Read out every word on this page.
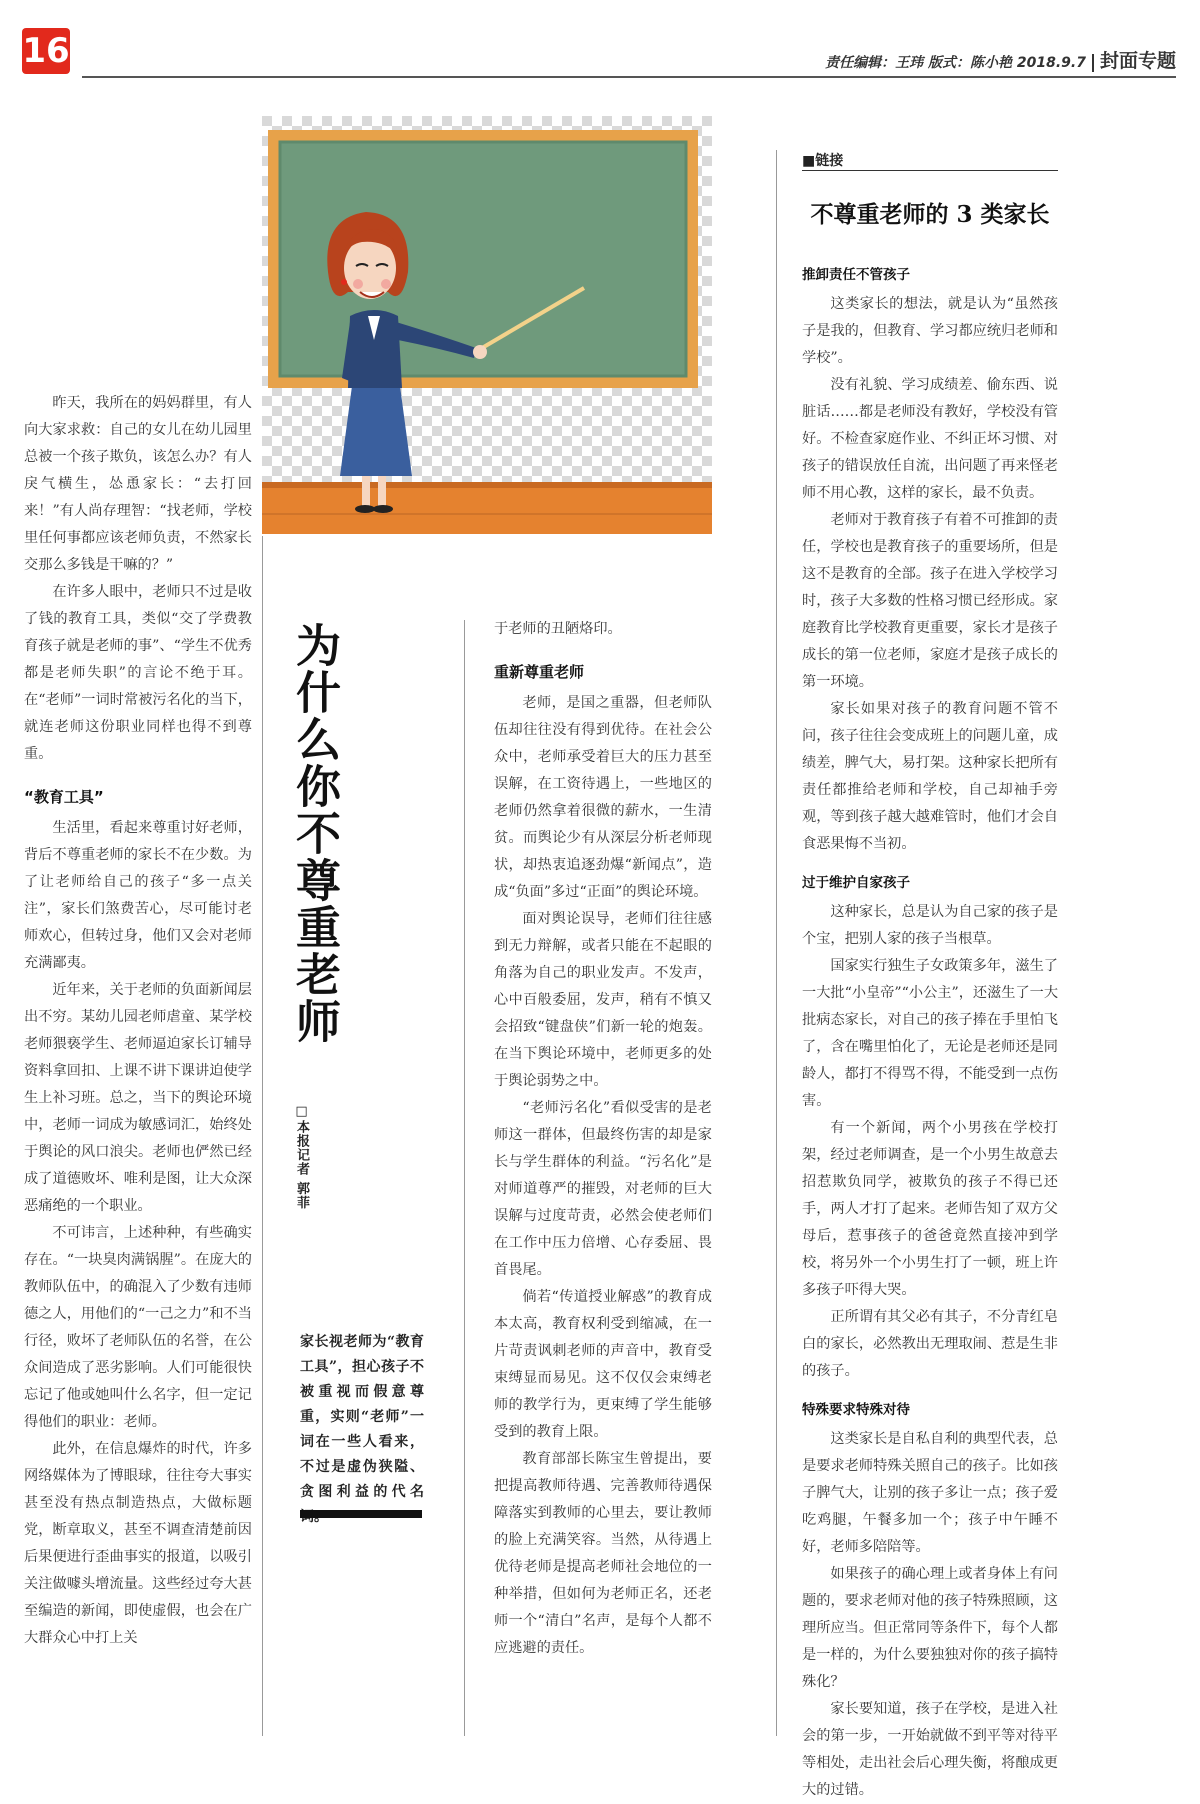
16	责任编辑：王玮 版式：陈小艳 2018.9.7 封面专题
为什么你不尊重老师
□本报记者 郭菲
家长视老师为“教育工具”，担心孩子不被重视而假意尊重，实则“老师”一词在一些人看来，不过是虚伪狭隘、贪图利益的代名

昨天，我所在的妈妈群里，有人向大家求救：自己的女儿在幼儿园里总被一个孩子欺负，该怎么办？有人戾气横生，怂恿家长：“去打回来！”有人尚存理智：“找老师，学校里任何事都应该老师负责，不然家长交那么多钱是干嘛的？”

在许多人眼中，老师只不过是收了钱的教育工具，类似“交了学费教育孩子就是老师的事”、“学生不优秀都是老师失职”的言论不绝于耳。在“老师”一词时常被污名化的当下，就连老师这份职业同样也得不到尊重。

“教育工具”

生活里，看起来尊重讨好老师，背后不尊重老师的家长不在少数。为了让老师给自己的孩子“多一点关注”，家长们煞费苦心，尽可能讨老师欢心，但转过身，他们又会对老师充满鄙夷。

近年来，关于老师的负面新闻层出不穷。某幼儿园老师虐童、某学校老师猥亵学生、老师逼迫家长订辅导资料拿回扣、上课不讲下课讲迫使学生上补习班。总之，当下的舆论环境中，老师一词成为敏感词汇，始终处于舆论的风口浪尖。老师也俨然已经成了道德败坏、唯利是图，让大众深恶痛绝的一个职业。

不可讳言，上述种种，有些确实存在。“一块臭肉满锅腥”。在庞大的教师队伍中，的确混入了少数有违师德之人，用他们的“一己之力”和不当行径，败坏了老师队伍的名誉，在公众间造成了恶劣影响。人们可能很快忘记了他或她叫什么名字，但一定记得他们的职业：老师。

此外，在信息爆炸的时代，许多网络媒体为了博眼球，往往夸大事实甚至没有热点制造热点，大做标题党，断章取义，甚至不调查清楚前因后果便进行歪曲事实的报道，以吸引关注做噱头增流量。这些经过夸大甚至编造的新闻，即使虚假，也会在广大群众心中打上关

于老师的丑陋烙印。

重新尊重老师

老师，是国之重器，但老师队伍却往往没有得到优待。在社会公众中，老师承受着巨大的压力甚至误解，在工资待遇上，一些地区的老师仍然拿着很微的薪水，一生清贫。而舆论少有从深层分析老师现状，却热衷追逐劲爆“新闻点”，造成“负面”多过“正面”的舆论环境。

面对舆论误导，老师们往往感到无力辩解，或者只能在不起眼的角落为自己的职业发声。不发声，心中百般委屈，发声，稍有不慎又会招致“键盘侠”们新一轮的炮轰。在当下舆论环境中，老师更多的处于舆论弱势之中。

“老师污名化”看似受害的是老师这一群体，但最终伤害的却是家长与学生群体的利益。“污名化”是对师道尊严的摧毁，对老师的巨大误解与过度苛责，必然会使老师们在工作中压力倍增、心存委屈、畏首畏尾。

倘若“传道授业解惑”的教育成本太高，教育权利受到缩减，在一片苛责讽刺老师的声音中，教育受束缚显而易见。这不仅仅会束缚老师的教学行为，更束缚了学生能够受到的教育上限。

教育部部长陈宝生曾提出，要把提高教师待遇、完善教师待遇保障落实到教师的心里去，要让教师的脸上充满笑容。当然，从待遇上优待老师是提高老师社会地位的一种举措，但如何为老师正名，还老师一个“清白”名声，是每个人都不应逃避的责任。

■链接
不尊重老师的 3 类家长
推卸责任不管孩子

这类家长的想法，就是认为“虽然孩子是我的，但教育、学习都应统归老师和学校”。

没有礼貌、学习成绩差、偷东西、说脏话……都是老师没有教好，学校没有管好。不检查家庭作业、不纠正坏习惯、对孩子的错误放任自流，出问题了再来怪老师不用心教，这样的家长，最不负责。

老师对于教育孩子有着不可推卸的责任，学校也是教育孩子的重要场所，但是这不是教育的全部。孩子在进入学校学习时，孩子大多数的性格习惯已经形成。家庭教育比学校教育更重要，家长才是孩子成长的第一位老师，家庭才是孩子成长的第一环境。

家长如果对孩子的教育问题不管不问，孩子往往会变成班上的问题儿童，成绩差，脾气大，易打架。这种家长把所有责任都推给老师和学校，自己却袖手旁观，等到孩子越大越难管时，他们才会自食恶果悔不当初。

过于维护自家孩子

这种家长，总是认为自己家的孩子是个宝，把别人家的孩子当根草。

国家实行独生子女政策多年，滋生了一大批“小皇帝”“小公主”，还滋生了一大批病态家长，对自己的孩子捧在手里怕飞了，含在嘴里怕化了，无论是老师还是同龄人，都打不得骂不得，不能受到一点伤害。

有一个新闻，两个小男孩在学校打架，经过老师调查，是一个小男生故意去招惹欺负同学，被欺负的孩子不得已还手，两人才打了起来。老师告知了双方父母后，惹事孩子的爸爸竟然直接冲到学校，将另外一个小男生打了一顿，班上许多孩子吓得大哭。

正所谓有其父必有其子，不分青红皂白的家长，必然教出无理取闹、惹是生非的孩子。

特殊要求特殊对待

这类家长是自私自利的典型代表，总是要求老师特殊关照自己的孩子。比如孩子脾气大，让别的孩子多让一点；孩子爱吃鸡腿，午餐多加一个；孩子中午睡不好，老师多陪陪等。

如果孩子的确心理上或者身体上有问题的，要求老师对他的孩子特殊照顾，这理所应当。但正常同等条件下，每个人都是一样的，为什么要独独对你的孩子搞特殊化？

家长要知道，孩子在学校，是进入社会的第一步，一开始就做不到平等对待平等相处，走出社会后心理失衡，将酿成更大的过错。
